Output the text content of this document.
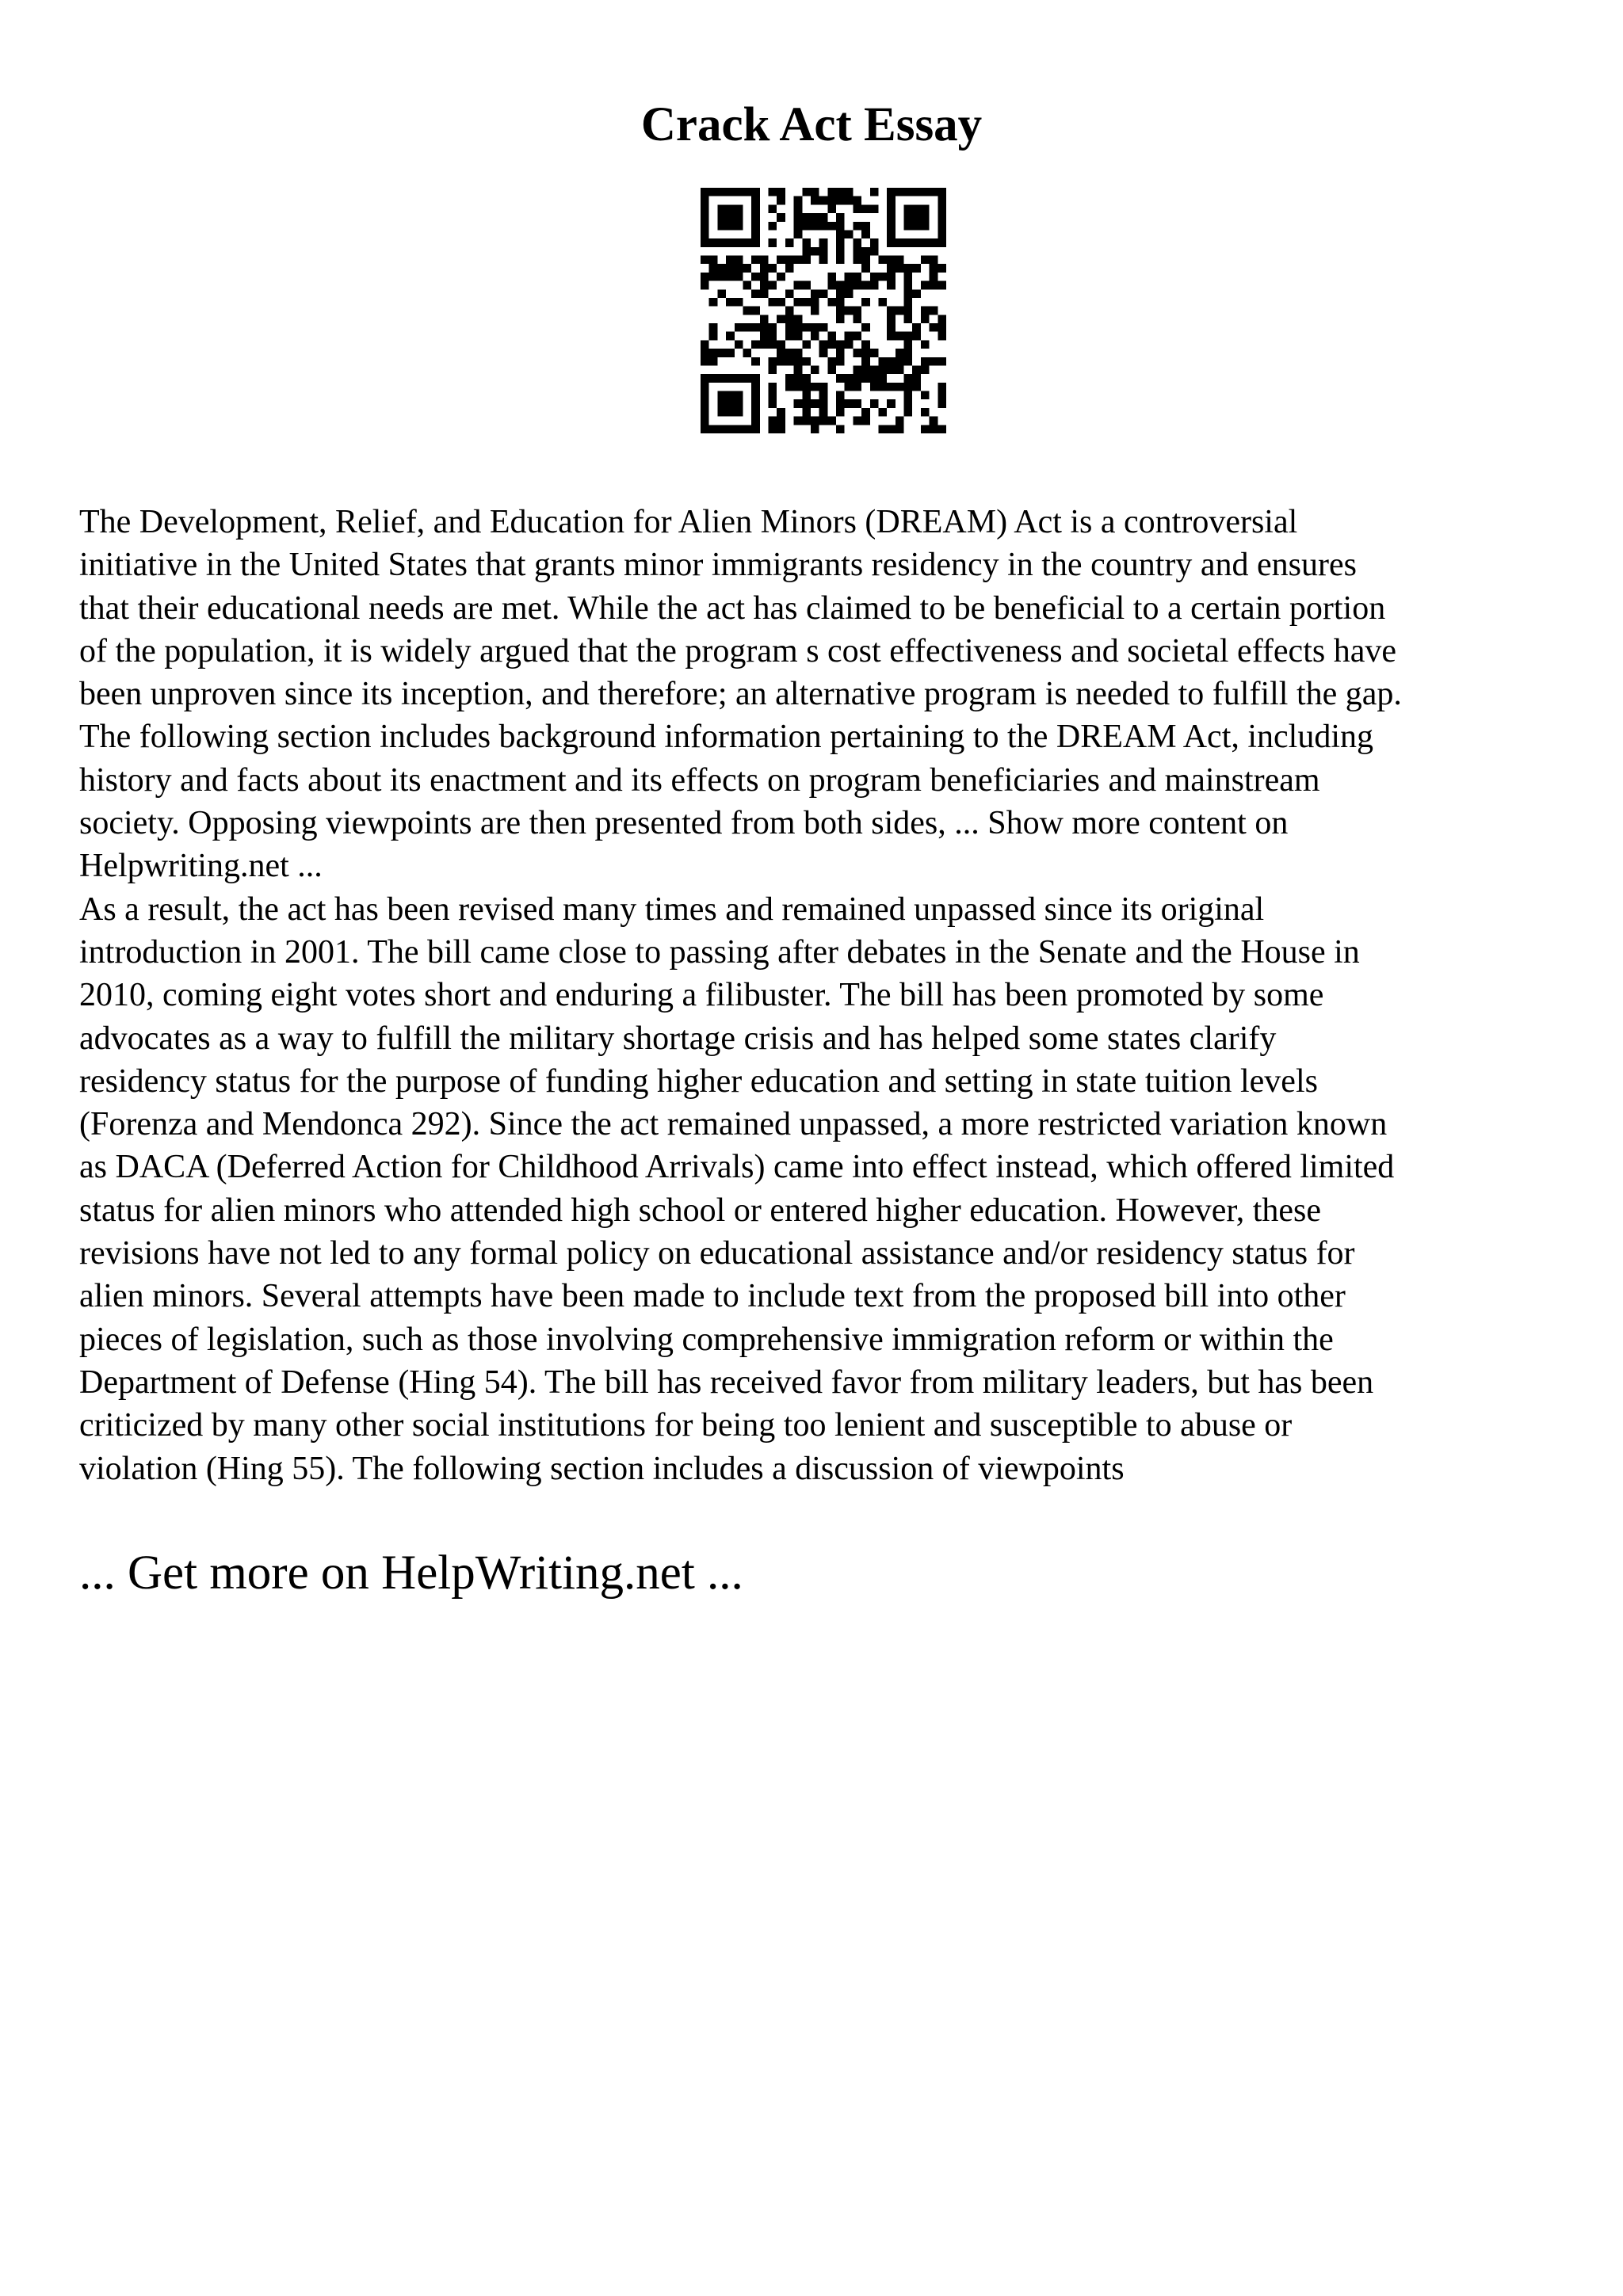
Crack Act Essay
The Development, Relief, and Education for Alien Minors (DREAM) Act is a controversial
initiative in the United States that grants minor immigrants residency in the country and ensures
that their educational needs are met. While the act has claimed to be beneficial to a certain portion
of the population, it is widely argued that the program s cost effectiveness and societal effects have
been unproven since its inception, and therefore; an alternative program is needed to fulfill the gap.
The following section includes background information pertaining to the DREAM Act, including
history and facts about its enactment and its effects on program beneficiaries and mainstream
society. Opposing viewpoints are then presented from both sides, ... Show more content on
Helpwriting.net ...
As a result, the act has been revised many times and remained unpassed since its original
introduction in 2001. The bill came close to passing after debates in the Senate and the House in
2010, coming eight votes short and enduring a filibuster. The bill has been promoted by some
advocates as a way to fulfill the military shortage crisis and has helped some states clarify
residency status for the purpose of funding higher education and setting in state tuition levels
(Forenza and Mendonca 292). Since the act remained unpassed, a more restricted variation known
as DACA (Deferred Action for Childhood Arrivals) came into effect instead, which offered limited
status for alien minors who attended high school or entered higher education. However, these
revisions have not led to any formal policy on educational assistance and/or residency status for
alien minors. Several attempts have been made to include text from the proposed bill into other
pieces of legislation, such as those involving comprehensive immigration reform or within the
Department of Defense (Hing 54). The bill has received favor from military leaders, but has been
criticized by many other social institutions for being too lenient and susceptible to abuse or
violation (Hing 55). The following section includes a discussion of viewpoints

... Get more on HelpWriting.net ...
